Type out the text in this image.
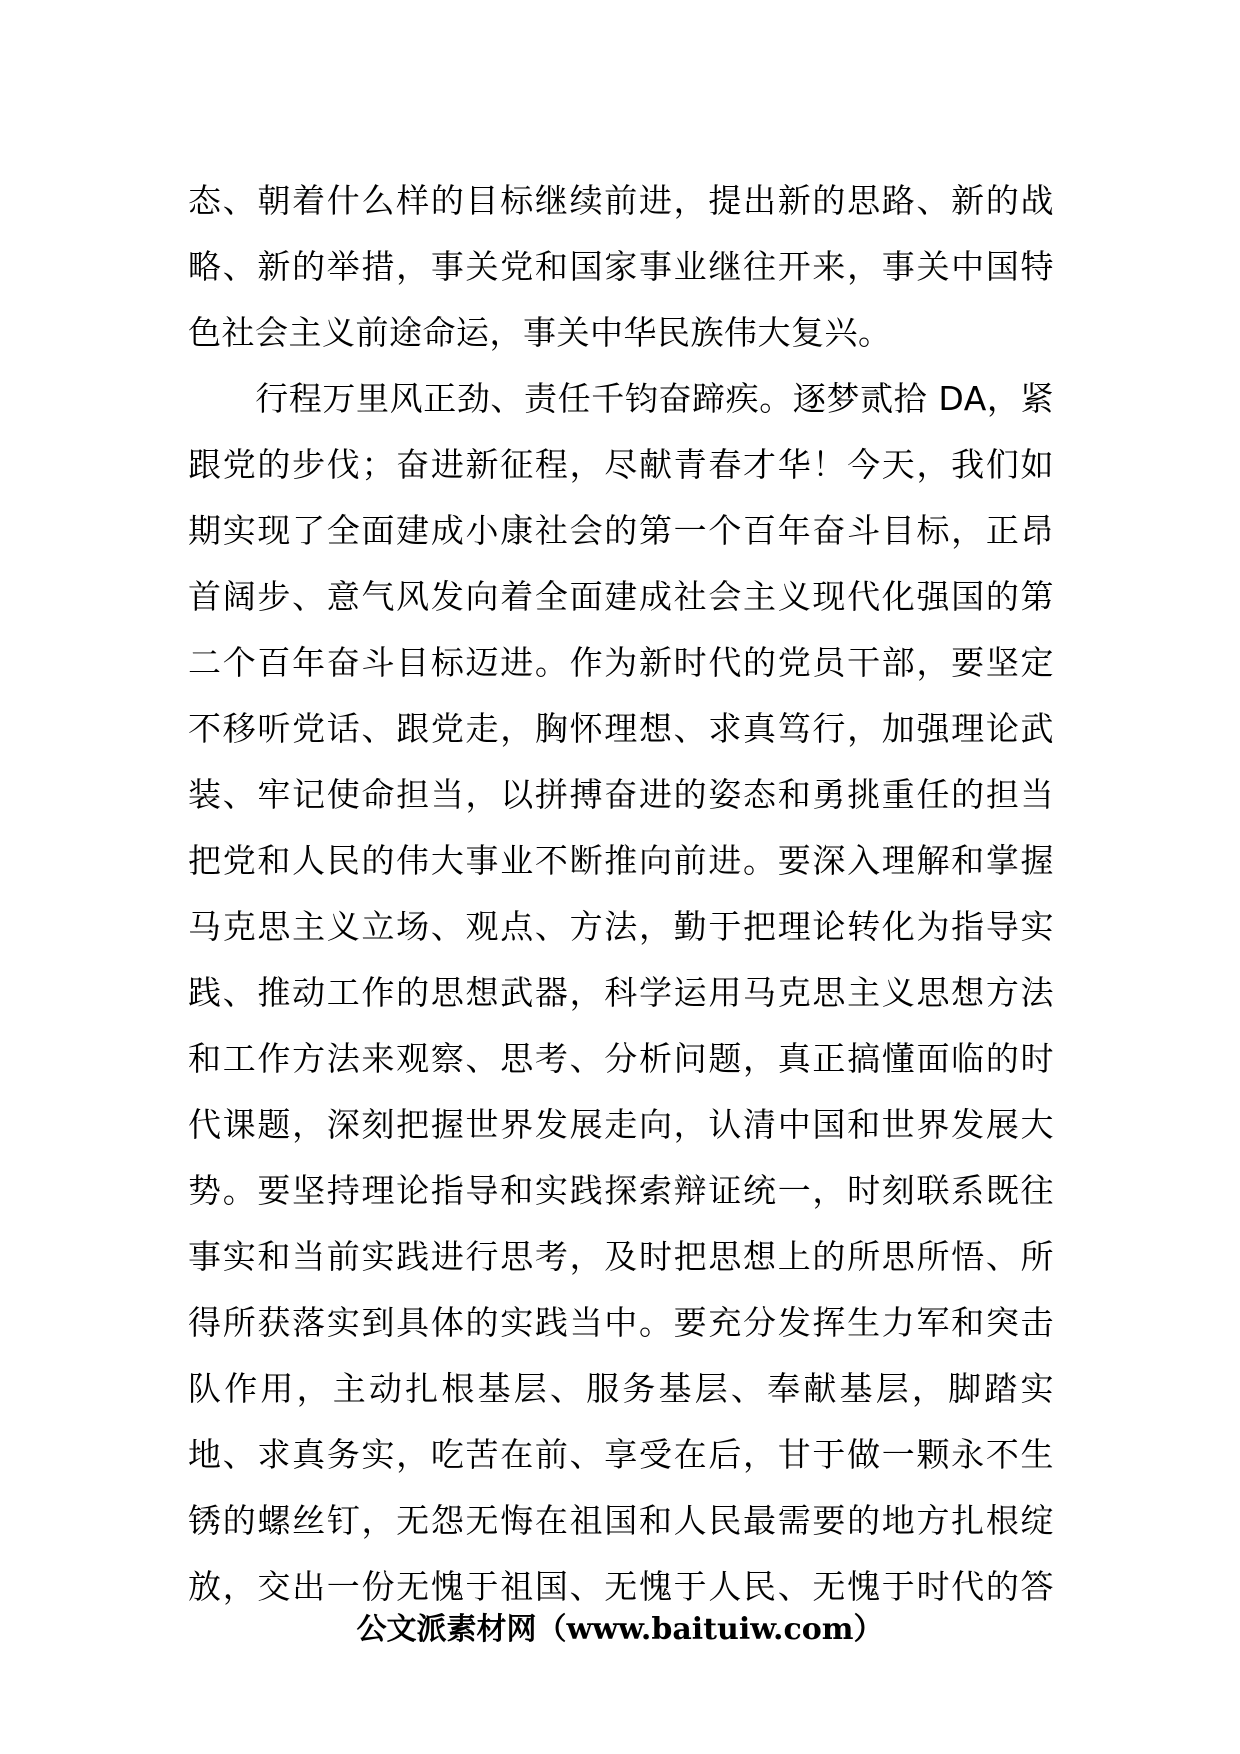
态、朝着什么样的目标继续前进，提出新的思路、新的战
略、新的举措，事关党和国家事业继往开来，事关中国特
色社会主义前途命运，事关中华民族伟大复兴。
　　行程万里风正劲、责任千钧奋蹄疾。逐梦贰拾 DA，紧
跟党的步伐；奋进新征程，尽献青春才华！今天，我们如
期实现了全面建成小康社会的第一个百年奋斗目标，正昂
首阔步、意气风发向着全面建成社会主义现代化强国的第
二个百年奋斗目标迈进。作为新时代的党员干部，要坚定
不移听党话、跟党走，胸怀理想、求真笃行，加强理论武
装、牢记使命担当，以拼搏奋进的姿态和勇挑重任的担当
把党和人民的伟大事业不断推向前进。要深入理解和掌握
马克思主义立场、观点、方法，勤于把理论转化为指导实
践、推动工作的思想武器，科学运用马克思主义思想方法
和工作方法来观察、思考、分析问题，真正搞懂面临的时
代课题，深刻把握世界发展走向，认清中国和世界发展大
势。要坚持理论指导和实践探索辩证统一，时刻联系既往
事实和当前实践进行思考，及时把思想上的所思所悟、所
得所获落实到具体的实践当中。要充分发挥生力军和突击
队作用，主动扎根基层、服务基层、奉献基层，脚踏实
地、求真务实，吃苦在前、享受在后，甘于做一颗永不生
锈的螺丝钉，无怨无悔在祖国和人民最需要的地方扎根绽
放，交出一份无愧于祖国、无愧于人民、无愧于时代的答
公文派素材网（www.baituiw.com）
